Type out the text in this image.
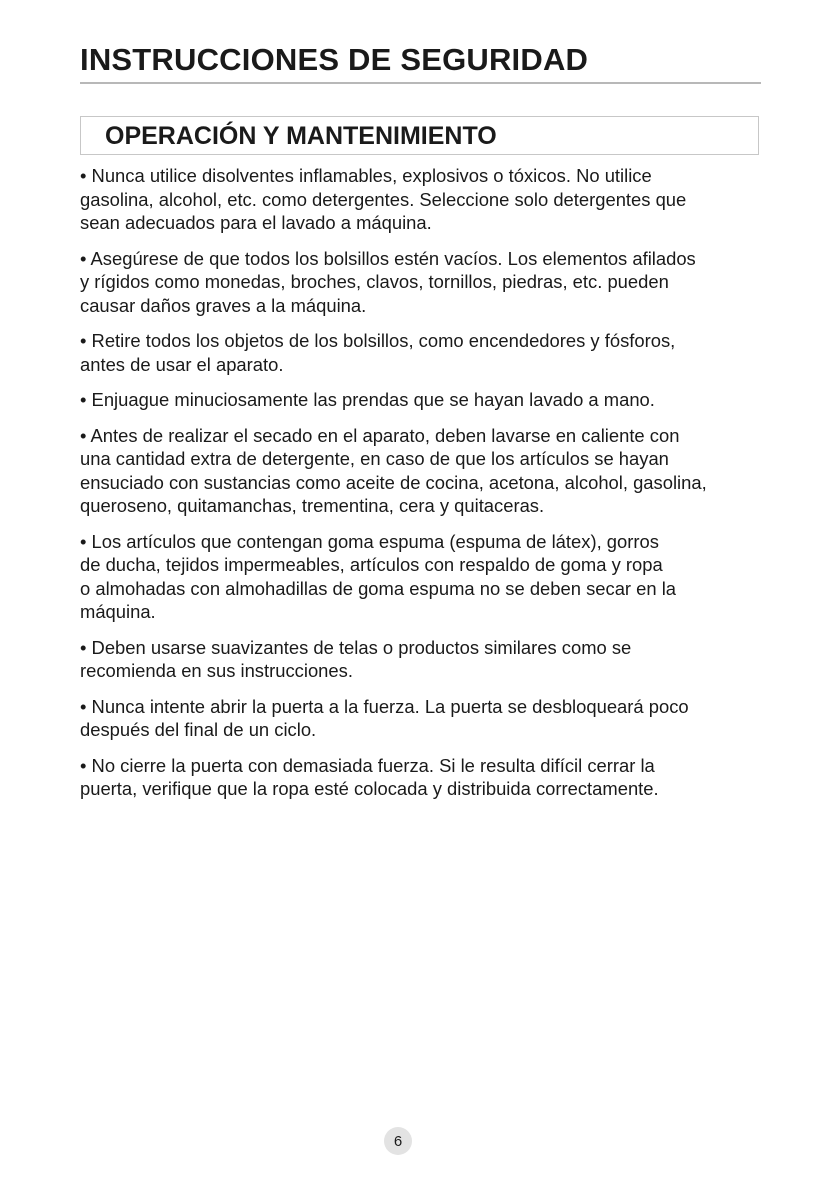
INSTRUCCIONES DE SEGURIDAD
OPERACIÓN Y MANTENIMIENTO

• Nunca utilice disolventes inflamables, explosivos o tóxicos. No utilice
gasolina, alcohol, etc. como detergentes. Seleccione solo detergentes que
sean adecuados para el lavado a máquina.

• Asegúrese de que todos los bolsillos estén vacíos. Los elementos afilados
y rígidos como monedas, broches, clavos, tornillos, piedras, etc. pueden
causar daños graves a la máquina.

• Retire todos los objetos de los bolsillos, como encendedores y fósforos,
antes de usar el aparato.

• Enjuague minuciosamente las prendas que se hayan lavado a mano.

• Antes de realizar el secado en el aparato, deben lavarse en caliente con
una cantidad extra de detergente, en caso de que los artículos se hayan
ensuciado con sustancias como aceite de cocina, acetona, alcohol, gasolina,
queroseno, quitamanchas, trementina, cera y quitaceras.

• Los artículos que contengan goma espuma (espuma de látex), gorros
de ducha, tejidos impermeables, artículos con respaldo de goma y ropa
o almohadas con almohadillas de goma espuma no se deben secar en la
máquina.

• Deben usarse suavizantes de telas o productos similares como se
recomienda en sus instrucciones.

• Nunca intente abrir la puerta a la fuerza. La puerta se desbloqueará poco
después del final de un ciclo.

• No cierre la puerta con demasiada fuerza. Si le resulta difícil cerrar la
puerta, verifique que la ropa esté colocada y distribuida correctamente.

6
